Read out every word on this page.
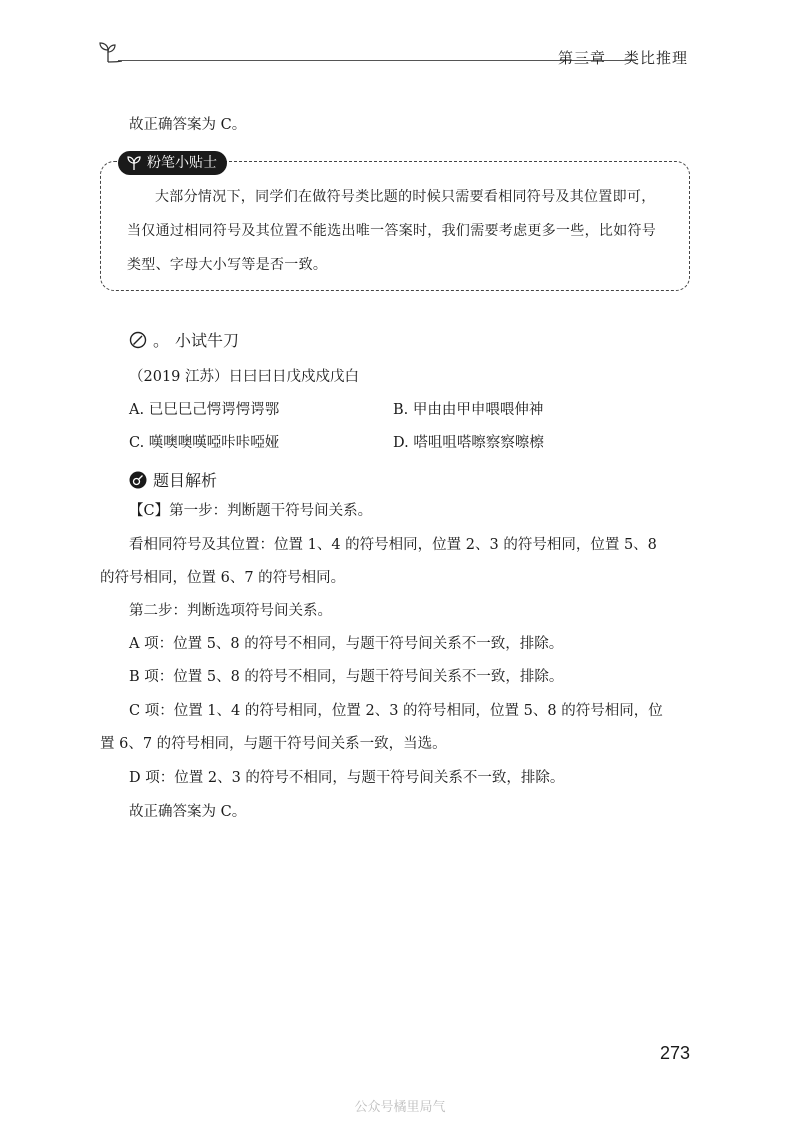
第三章 类比推理
故正确答案为 C。
粉笔小贴士
大部分情况下，同学们在做符号类比题的时候只需要看相同符号及其位置即可，当仅通过相同符号及其位置不能选出唯一答案时，我们需要考虑更多一些，比如符号类型、字母大小写等是否一致。
。 小试牛刀
（2019 江苏）日曰曰日戊戍戍戊白
A. 已巳巳己愕谔愕谔鄂	B. 甲由由甲申喂喂伸神
C. 嘆噢噢嘆啞咔咔啞娅	D. 嗒咀咀嗒嚓察察嚓檫
题目解析
【C】第一步：判断题干符号间关系。
看相同符号及其位置：位置 1、4 的符号相同，位置 2、3 的符号相同，位置 5、8
的符号相同，位置 6、7 的符号相同。
第二步：判断选项符号间关系。
A 项：位置 5、8 的符号不相同，与题干符号间关系不一致，排除。
B 项：位置 5、8 的符号不相同，与题干符号间关系不一致，排除。
C 项：位置 1、4 的符号相同，位置 2、3 的符号相同，位置 5、8 的符号相同，位
置 6、7 的符号相同，与题干符号间关系一致，当选。
D 项：位置 2、3 的符号不相同，与题干符号间关系不一致，排除。
故正确答案为 C。
273
公众号橘里局气
